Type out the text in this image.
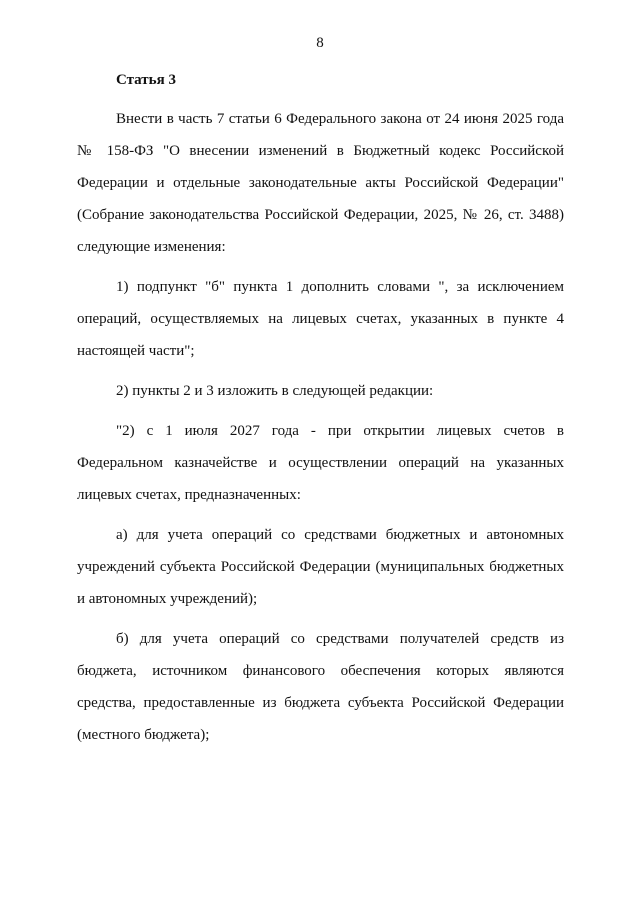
8
Статья 3
Внести в часть 7 статьи 6 Федерального закона от 24 июня 2025 года
№ 158-ФЗ "О внесении изменений в Бюджетный кодекс Российской
Федерации и отдельные законодательные акты Российской Федерации"
(Собрание законодательства Российской Федерации, 2025, № 26, ст. 3488)
следующие изменения:
1) подпункт "б" пункта 1 дополнить словами ", за исключением
операций, осуществляемых на лицевых счетах, указанных в пункте 4
настоящей части";
2) пункты 2 и 3 изложить в следующей редакции:
"2) с 1 июля 2027 года - при открытии лицевых счетов в
Федеральном казначействе и осуществлении операций на указанных
лицевых счетах, предназначенных:
а) для учета операций со средствами бюджетных и автономных
учреждений субъекта Российской Федерации (муниципальных бюджетных
и автономных учреждений);
б) для учета операций со средствами получателей средств из
бюджета, источником финансового обеспечения которых являются
средства, предоставленные из бюджета субъекта Российской Федерации
(местного бюджета);
